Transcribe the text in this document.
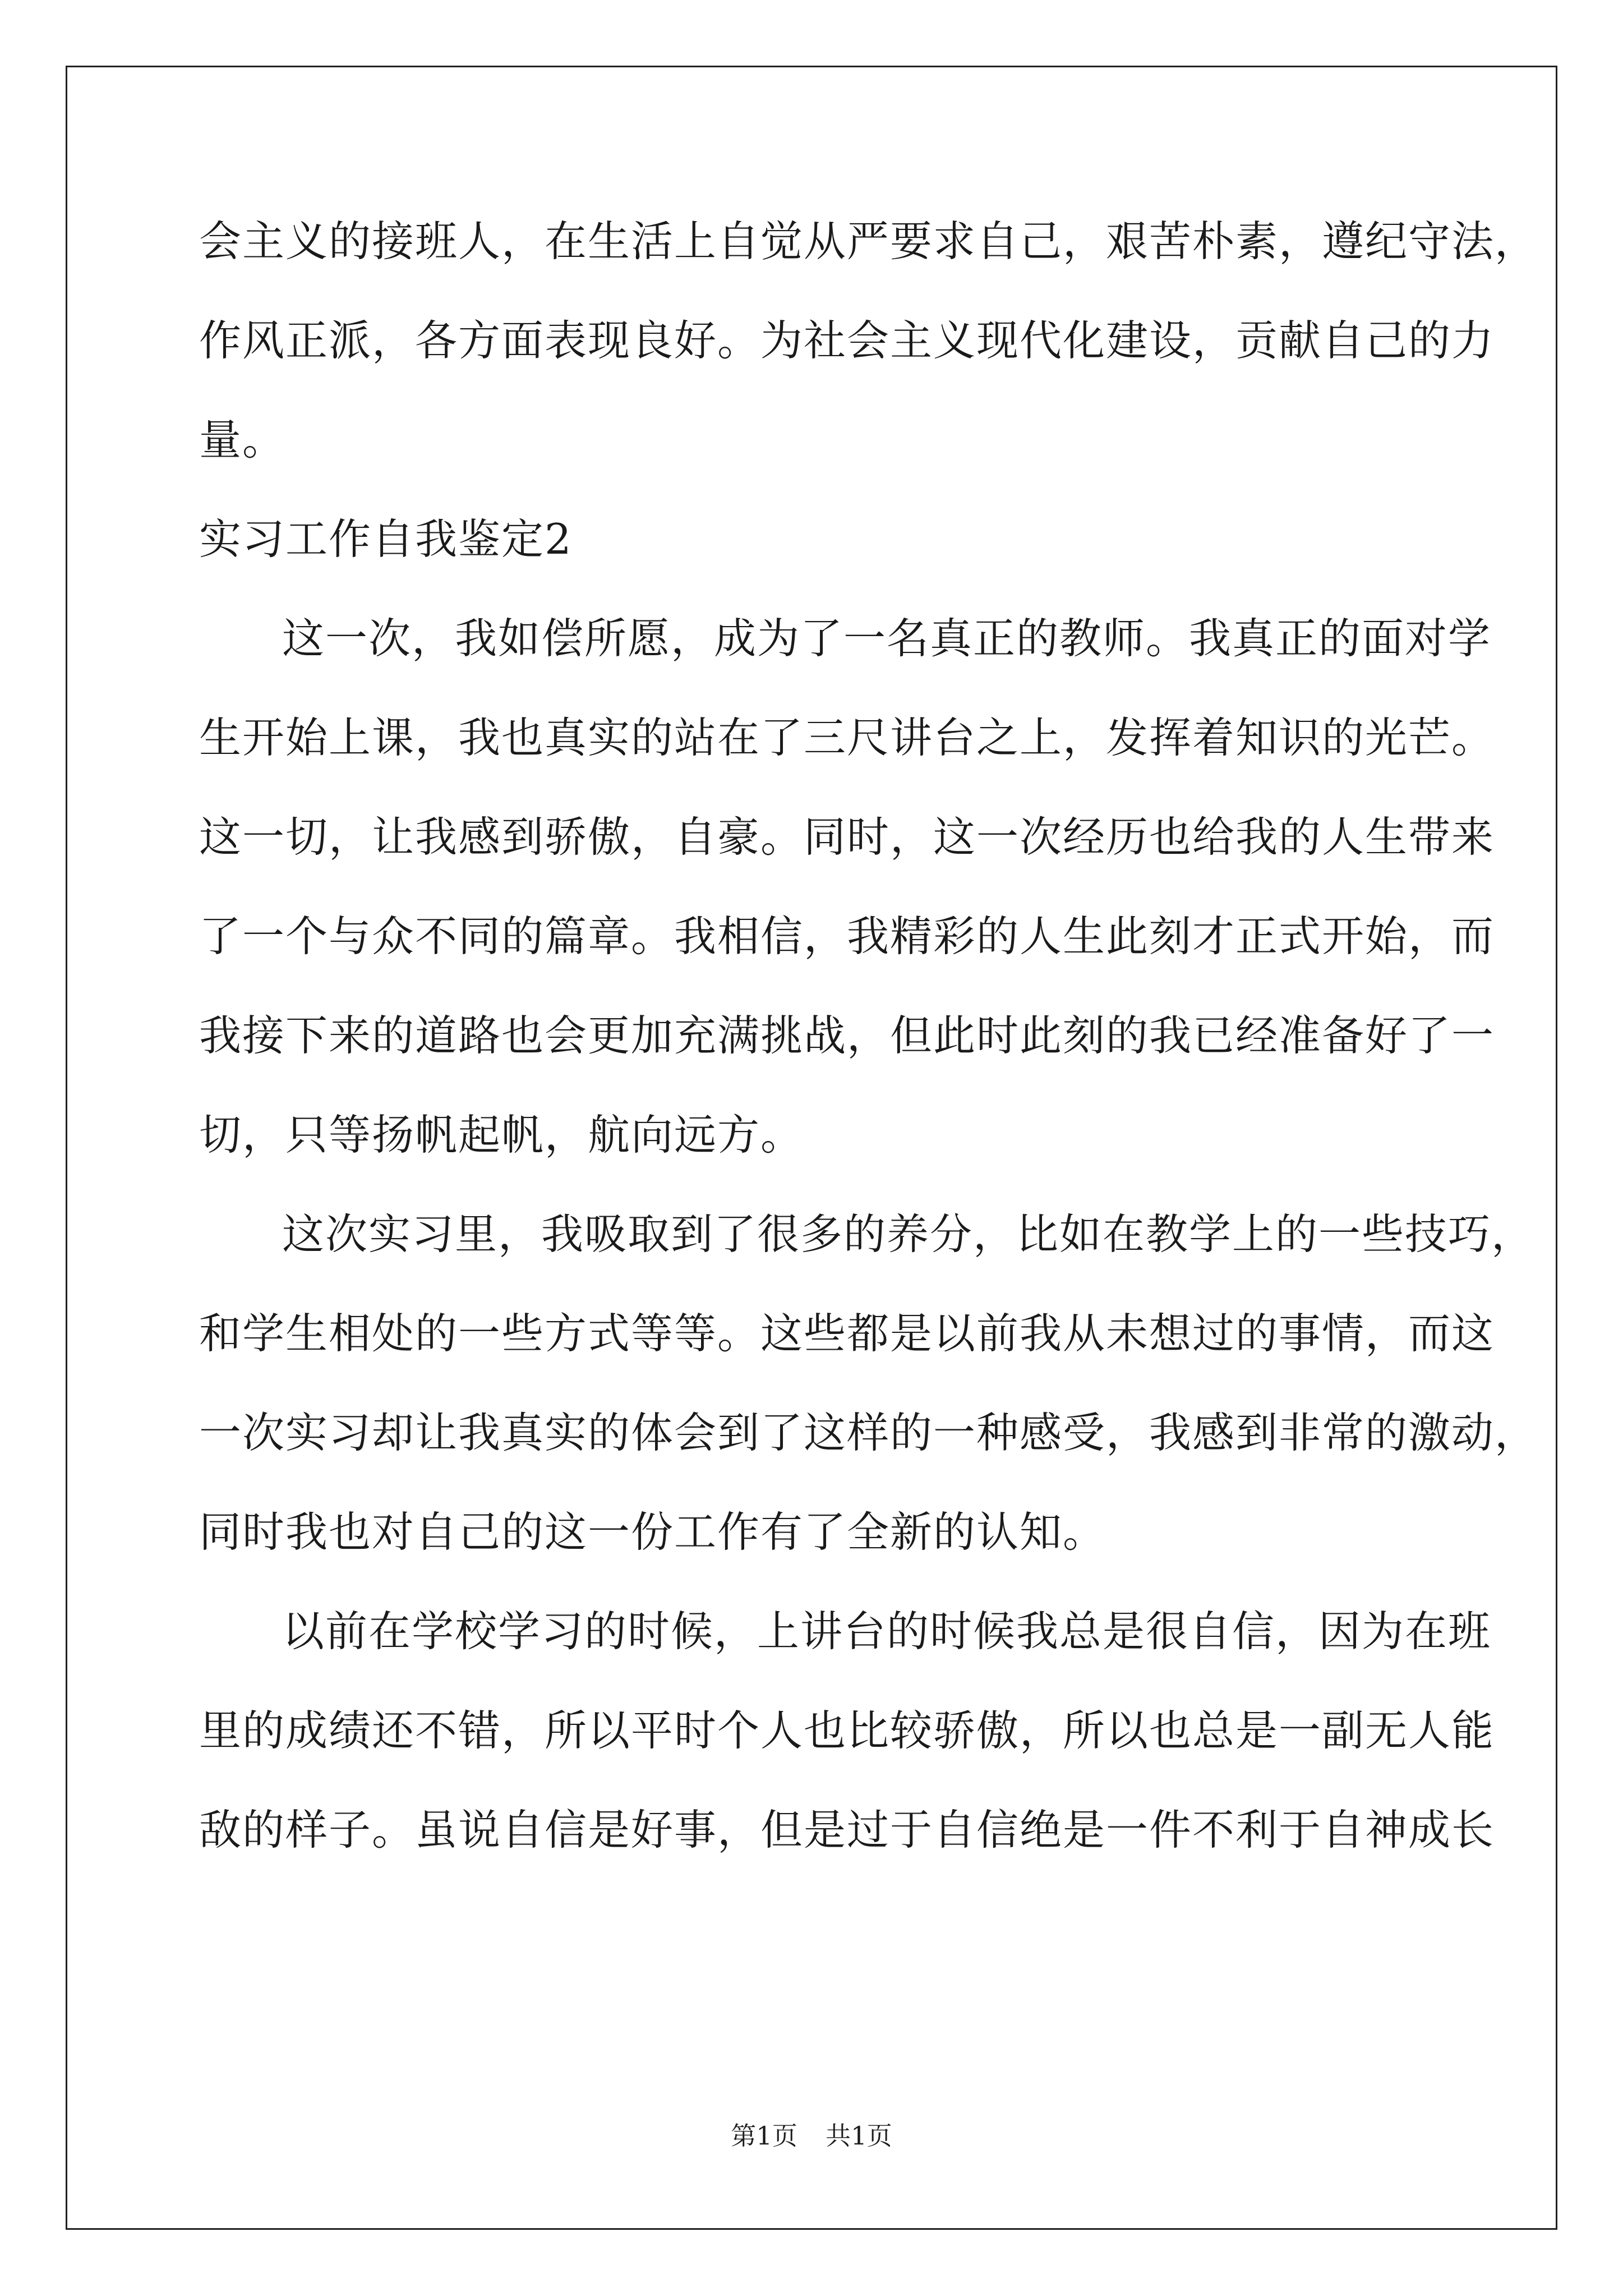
会主义的接班人，在生活上自觉从严要求自己，艰苦朴素，遵纪守法，
作风正派，各方面表现良好。为社会主义现代化建设，贡献自己的力
量。
实习工作自我鉴定2
这一次，我如偿所愿，成为了一名真正的教师。我真正的面对学
生开始上课，我也真实的站在了三尺讲台之上，发挥着知识的光芒。
这一切，让我感到骄傲，自豪。同时，这一次经历也给我的人生带来
了一个与众不同的篇章。我相信，我精彩的人生此刻才正式开始，而
我接下来的道路也会更加充满挑战，但此时此刻的我已经准备好了一
切，只等扬帆起帆，航向远方。
这次实习里，我吸取到了很多的养分，比如在教学上的一些技巧，
和学生相处的一些方式等等。这些都是以前我从未想过的事情，而这
一次实习却让我真实的体会到了这样的一种感受，我感到非常的激动，
同时我也对自己的这一份工作有了全新的认知。
以前在学校学习的时候，上讲台的时候我总是很自信，因为在班
里的成绩还不错，所以平时个人也比较骄傲，所以也总是一副无人能
敌的样子。虽说自信是好事，但是过于自信绝是一件不利于自神成长
第1页 共1页
